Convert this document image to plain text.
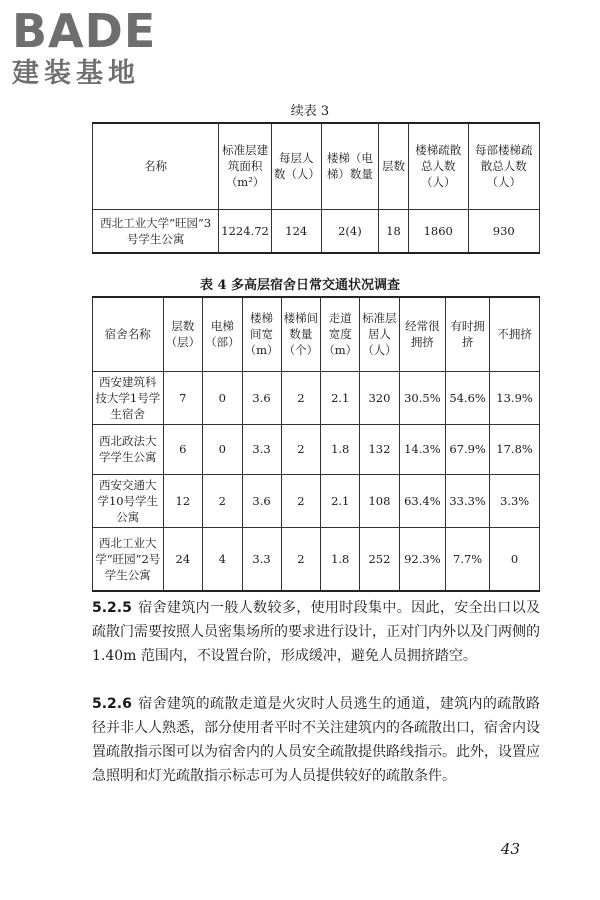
BADE
建装基地
续表 3
名称	标准层建筑面积（m²）	每层人数（人）	楼梯（电梯）数量	层数	楼梯疏散总人数（人）	每部楼梯疏散总人数（人）
西北工业大学“旺园”3号学生公寓	1224.72	124	2(4)	18	1860	930
表 4 多高层宿舍日常交通状况调查
宿舍名称	层数（层）	电梯（部）	楼梯间宽（m）	楼梯间数量（个）	走道宽度（m）	标准层居人（人）	经常很拥挤	有时拥挤	不拥挤
西安建筑科技大学1号学生宿舍	7	0	3.6	2	2.1	320	30.5%	54.6%	13.9%
西北政法大学学生公寓	6	0	3.3	2	1.8	132	14.3%	67.9%	17.8%
西安交通大学10号学生公寓	12	2	3.6	2	2.1	108	63.4%	33.3%	3.3%
西北工业大学“旺园”2号学生公寓	24	4	3.3	2	1.8	252	92.3%	7.7%	0

5.2.5 宿舍建筑内一般人数较多，使用时段集中。因此，安全出口以及疏散门需要按照人员密集场所的要求进行设计，正对门内外以及门两侧的 1.40m 范围内，不设置台阶，形成缓冲，避免人员拥挤踏空。

5.2.6 宿舍建筑的疏散走道是火灾时人员逃生的通道，建筑内的疏散路径并非人人熟悉，部分使用者平时不关注建筑内的各疏散出口，宿舍内设置疏散指示图可以为宿舍内的人员安全疏散提供路线指示。此外，设置应急照明和灯光疏散指示标志可为人员提供较好的疏散条件。

43
